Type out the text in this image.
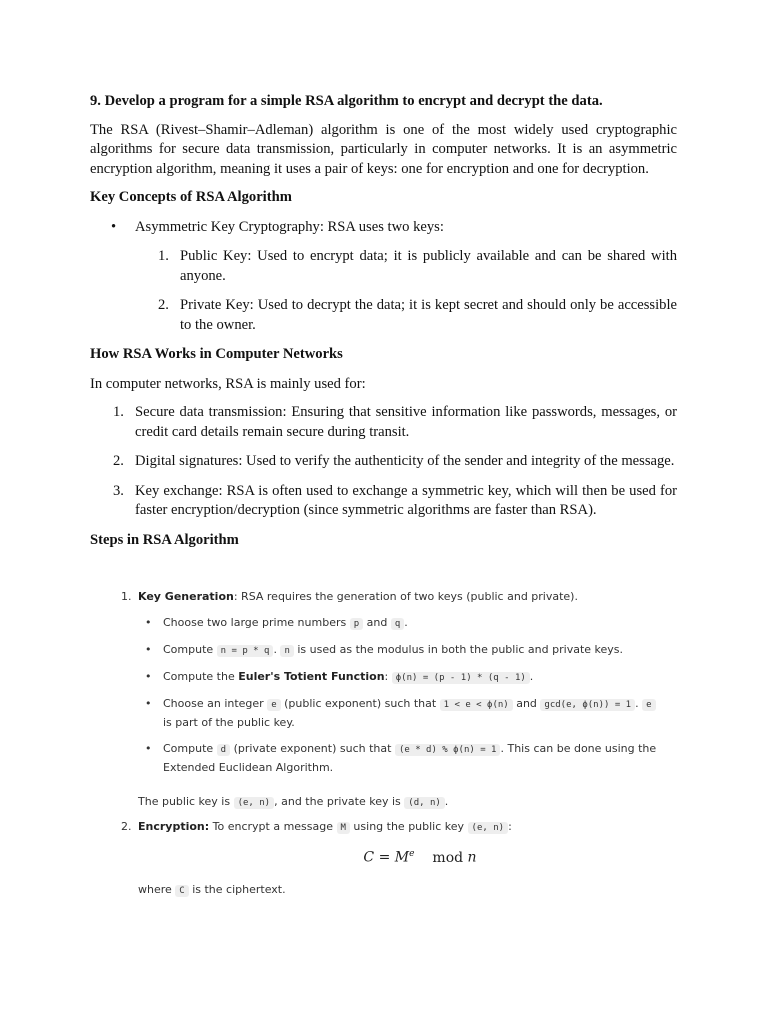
9. Develop a program for a simple RSA algorithm to encrypt and decrypt the data.

The RSA (Rivest–Shamir–Adleman) algorithm is one of the most widely used cryptographic algorithms for secure data transmission, particularly in computer networks. It is an asymmetric encryption algorithm, meaning it uses a pair of keys: one for encryption and one for decryption.

Key Concepts of RSA Algorithm

• Asymmetric Key Cryptography: RSA uses two keys:
1. Public Key: Used to encrypt data; it is publicly available and can be shared with anyone.
2. Private Key: Used to decrypt the data; it is kept secret and should only be accessible to the owner.

How RSA Works in Computer Networks

In computer networks, RSA is mainly used for:

1. Secure data transmission: Ensuring that sensitive information like passwords, messages, or credit card details remain secure during transit.
2. Digital signatures: Used to verify the authenticity of the sender and integrity of the message.
3. Key exchange: RSA is often used to exchange a symmetric key, which will then be used for faster encryption/decryption (since symmetric algorithms are faster than RSA).

Steps in RSA Algorithm

1. Key Generation: RSA requires the generation of two keys (public and private).
• Choose two large prime numbers p and q .
• Compute n = p * q . n is used as the modulus in both the public and private keys.
• Compute the Euler's Totient Function: ϕ(n) = (p - 1) * (q - 1) .
• Choose an integer e (public exponent) such that 1 < e < ϕ(n) and gcd(e, ϕ(n)) = 1 . e
is part of the public key.
• Compute d (private exponent) such that (e * d) % ϕ(n) = 1 . This can be done using the
Extended Euclidean Algorithm.
The public key is (e, n) , and the private key is (d, n) .
2. Encryption: To encrypt a message M using the public key (e, n) :
$C = M^e$ mod n
where C is the ciphertext.
